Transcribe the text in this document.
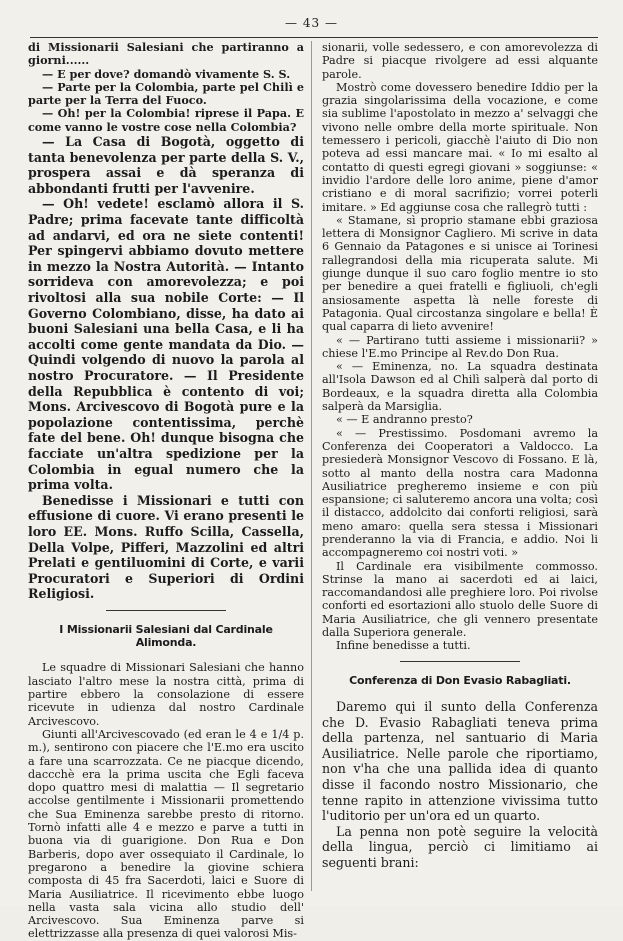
— 43 —

di Missionarii Salesiani che partiranno a giorni......

— E per dove? domandò vivamente S. S.

— Parte per la Colombia, parte pel Chilì e parte per la Terra del Fuoco.

— Oh! per la Colombia! riprese il Papa. E come vanno le vostre cose nella Colombia?

— La Casa di Bogotà, oggetto di tanta benevolenza per parte della S. V., prospera assai e dà speranza di abbondanti frutti per l'avvenire.

— Oh! vedete! esclamò allora il S. Padre; prima facevate tante difficoltà ad andarvi, ed ora ne siete contenti! Per spingervi abbiamo dovuto mettere in mezzo la Nostra Autorità. — Intanto sorrideva con amorevolezza; e poi rivoltosi alla sua nobile Corte: — Il Governo Colombiano, disse, ha dato ai buoni Salesiani una bella Casa, e li ha accolti come gente mandata da Dio. — Quindi volgendo di nuovo la parola al nostro Procuratore. — Il Presidente della Repubblica è contento di voi; Mons. Arcivescovo di Bogotà pure e la popolazione contentissima, perchè fate del bene. Oh! dunque bisogna che facciate un'altra spedizione per la Colombia in egual numero che la prima volta.

Benedisse i Missionari e tutti con effusione di cuore. Vi erano presenti le loro EE. Mons. Ruffo Scilla, Cassella, Della Volpe, Pifferi, Mazzolini ed altri Prelati e gentiluomini di Corte, e varii Procuratori e Superiori di Ordini Religiosi.

I Missionarii Salesiani dal Cardinale Alimonda.

Le squadre di Missionari Salesiani che hanno lasciato l'altro mese la nostra città, prima di partire ebbero la consolazione di essere ricevute in udienza dal nostro Cardinale Arcivescovo.

Giunti all'Arcivescovado (ed eran le 4 e 1/4 p. m.), sentirono con piacere che l'E.mo era uscito a fare una scarrozzata. Ce ne piacque dicendo, daccchè era la prima uscita che Egli faceva dopo quattro mesi di malattia — Il segretario accolse gentilmente i Missionarii promettendo che Sua Eminenza sarebbe presto di ritorno. Tornò infatti alle 4 e mezzo e parve a tutti in buona via di guarigione. Don Rua e Don Barberis, dopo aver ossequiato il Cardinale, lo pregarono a benedire la giovine schiera composta di 45 fra Sacerdoti, laici e Suore di Maria Ausiliatrice. Il ricevimento ebbe luogo nella vasta sala vicina allo studio dell' Arcivescovo. Sua Eminenza parve si elettrizzasse alla presenza di quei valorosi Mis-

sionarii, volle sedessero, e con amorevolezza di Padre si piacque rivolgere ad essi alquante parole.

Mostrò come dovessero benedire Iddio per la grazia singolarissima della vocazione, e come sia sublime l'apostolato in mezzo a' selvaggi che vivono nelle ombre della morte spirituale. Non temessero i pericoli, giacchè l'aiuto di Dio non poteva ad essi mancare mai. « Io mi esalto al contatto di questi egregi giovani » soggiunse: « invidio l'ardore delle loro anime, piene d'amor cristiano e di moral sacrifizio; vorrei poterli imitare. » Ed aggiunse cosa che rallegrò tutti :

« Stamane, sì proprio stamane ebbi graziosa lettera di Monsignor Cagliero. Mi scrive in data 6 Gennaio da Patagones e si unisce ai Torinesi rallegrandosi della mia ricuperata salute. Mi giunge dunque il suo caro foglio mentre io sto per benedire a quei fratelli e figliuoli, ch'egli ansiosamente aspetta là nelle foreste di Patagonia. Qual circostanza singolare e bella! È qual caparra di lieto avvenire!

« — Partirano tutti assieme i missionarii? » chiese l'E.mo Principe al Rev.do Don Rua.

« — Eminenza, no. La squadra destinata all'Isola Dawson ed al Chilì salperà dal porto di Bordeaux, e la squadra diretta alla Colombia salperà da Marsiglia.

« — E andranno presto?

« — Prestissimo. Posdomani avremo la Conferenza dei Cooperatori a Valdocco. La presiederà Monsignor Vescovo di Fossano. E là, sotto al manto della nostra cara Madonna Ausiliatrice pregheremo insieme e con più espansione; ci saluteremo ancora una volta; così il distacco, addolcito dai conforti religiosi, sarà meno amaro: quella sera stessa i Missionari prenderanno la via di Francia, e addio. Noi li accompagneremo coi nostri voti. »

Il Cardinale era visibilmente commosso. Strinse la mano ai sacerdoti ed ai laici, raccomandandosi alle preghiere loro. Poi rivolse conforti ed esortazioni allo stuolo delle Suore di Maria Ausiliatrice, che gli vennero presentate dalla Superiora generale.

Infine benedisse a tutti.

Conferenza di Don Evasio Rabagliati.

Daremo qui il sunto della Conferenza che D. Evasio Rabagliati teneva prima della partenza, nel santuario di Maria Ausiliatrice. Nelle parole che riportiamo, non v'ha che una pallida idea di quanto disse il facondo nostro Missionario, che tenne rapito in attenzione vivissima tutto l'uditorio per un'ora ed un quarto.

La penna non potè seguire la velocità della lingua, perciò ci limitiamo ai seguenti brani:
